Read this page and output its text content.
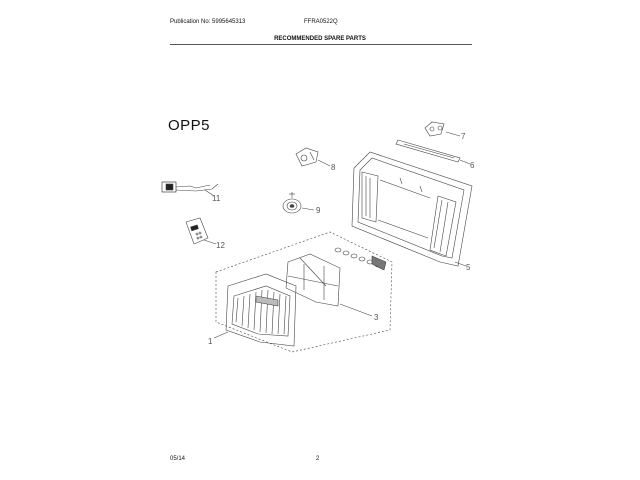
Publication No: 5995645313	FFRA0522Q
RECOMMENDED SPARE PARTS
OPP5
7
6
8
9
5
11
12
3
1
05/14	2
